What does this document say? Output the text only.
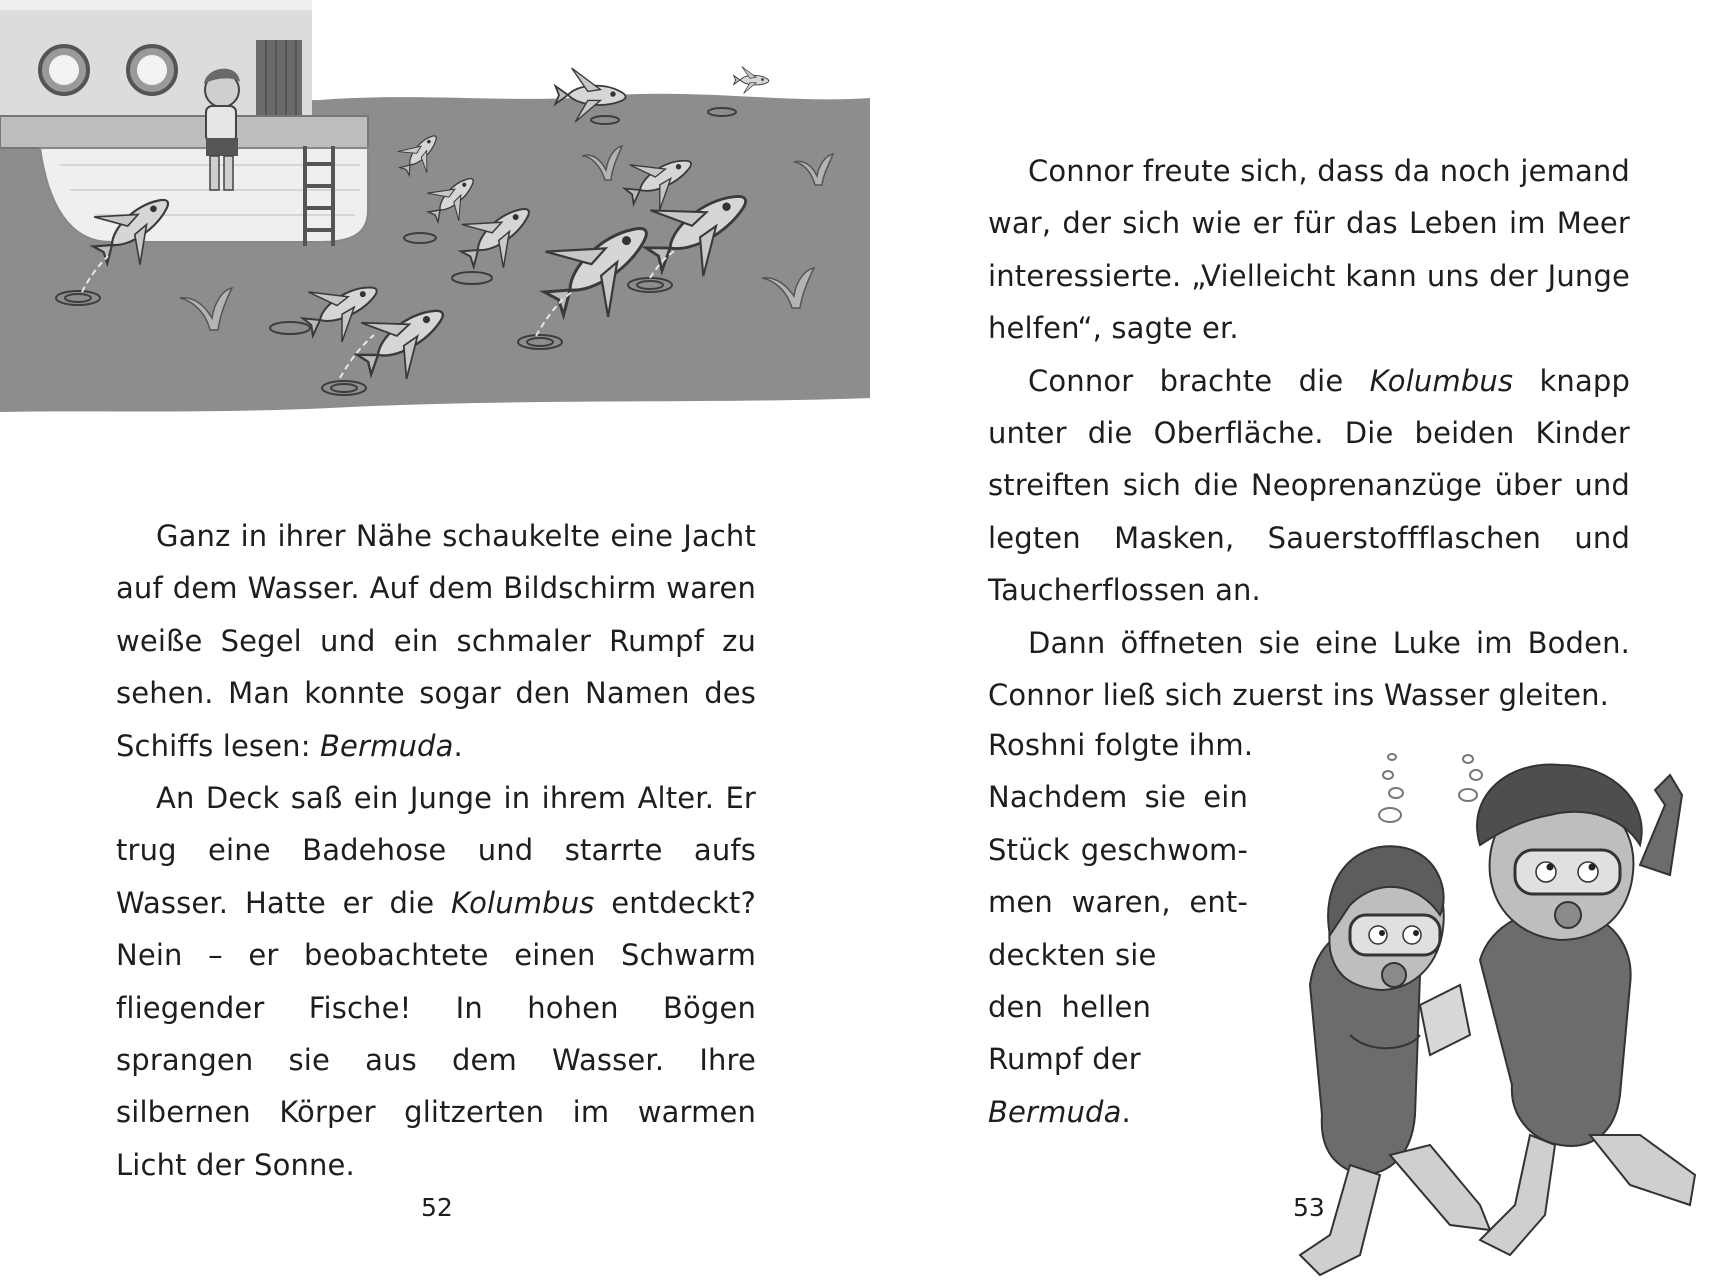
Ganz in ihrer Nähe schaukelte eine Jacht auf dem Wasser. Auf dem Bildschirm waren weiße Segel und ein schmaler Rumpf zu sehen. Man konnte sogar den Namen des Schiffs lesen: Bermuda.

An Deck saß ein Junge in ihrem Alter. Er trug eine Badehose und starrte aufs Wasser. Hatte er die Kolumbus entdeckt? Nein – er beobachtete einen Schwarm fliegender Fische! In hohen Bögen sprangen sie aus dem Wasser. Ihre silbernen Körper glitzerten im warmen Licht der Sonne.

52

Connor freute sich, dass da noch jemand war, der sich wie er für das Leben im Meer interessierte. „Vielleicht kann uns der Junge helfen“, sagte er.

Connor brachte die Kolumbus knapp unter die Oberfläche. Die beiden Kinder streiften sich die Neoprenanzüge über und legten Masken, Sauerstoffflaschen und Taucherflossen an.

Dann öffneten sie eine Luke im Boden. Connor ließ sich zuerst ins Wasser gleiten.

Roshni folgte ihm.
Nachdem sie ein
Stück geschwom-
men waren, ent-
deckten sie
den hellen
Rumpf der
Bermuda.
53
